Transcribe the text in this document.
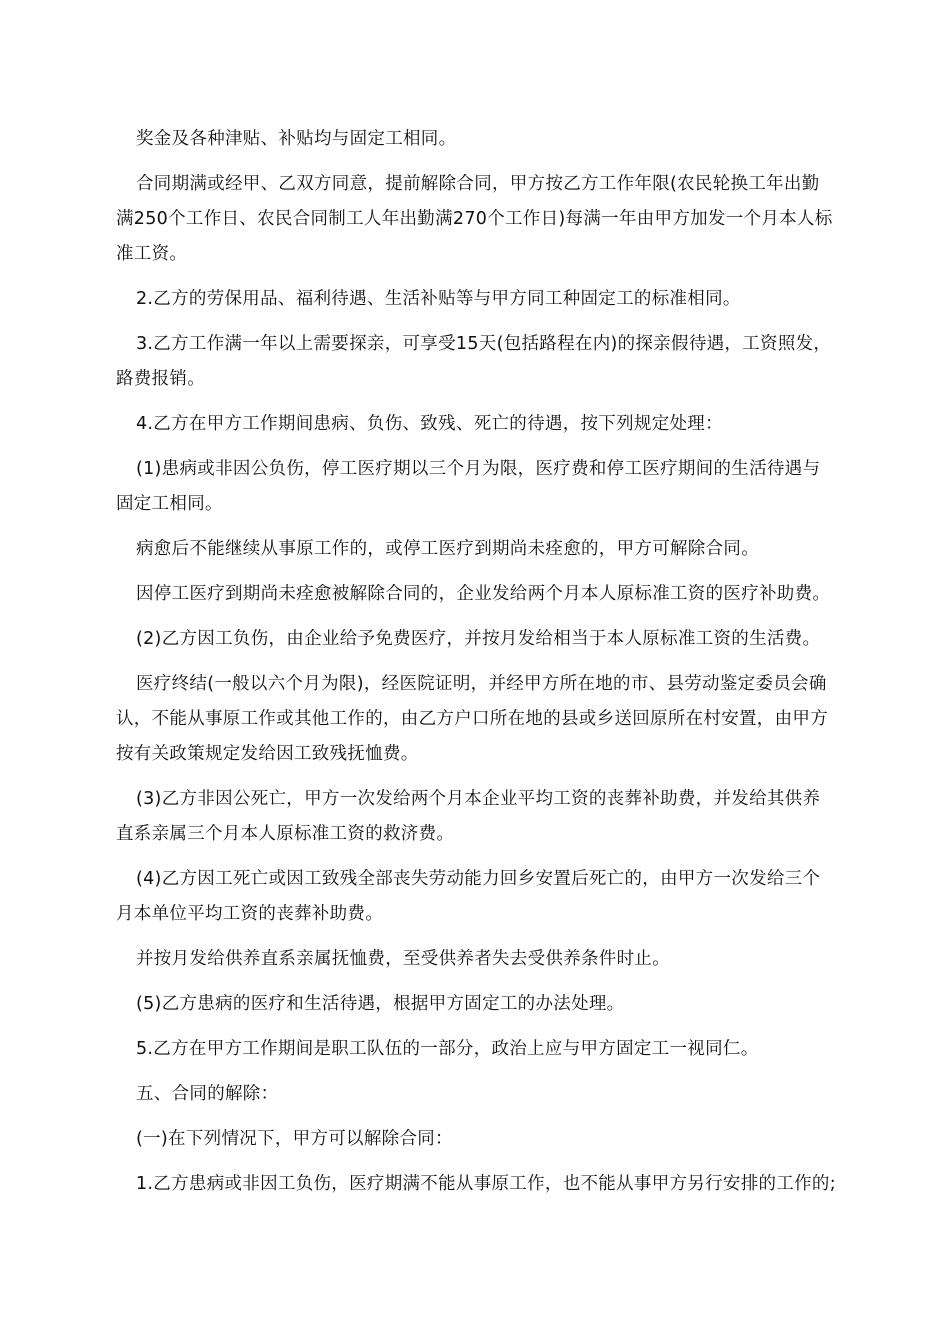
奖金及各种津贴、补贴均与固定工相同。

合同期满或经甲、乙双方同意，提前解除合同，甲方按乙方工作年限(农民轮换工年出勤满250个工作日、农民合同制工人年出勤满270个工作日)每满一年由甲方加发一个月本人标准工资。

2.乙方的劳保用品、福利待遇、生活补贴等与甲方同工种固定工的标准相同。

3.乙方工作满一年以上需要探亲，可享受15天(包括路程在内)的探亲假待遇，工资照发，路费报销。

4.乙方在甲方工作期间患病、负伤、致残、死亡的待遇，按下列规定处理：

(1)患病或非因公负伤，停工医疗期以三个月为限，医疗费和停工医疗期间的生活待遇与固定工相同。

病愈后不能继续从事原工作的，或停工医疗到期尚未痊愈的，甲方可解除合同。

因停工医疗到期尚未痊愈被解除合同的，企业发给两个月本人原标准工资的医疗补助费。

(2)乙方因工负伤，由企业给予免费医疗，并按月发给相当于本人原标准工资的生活费。

医疗终结(一般以六个月为限)，经医院证明，并经甲方所在地的市、县劳动鉴定委员会确认，不能从事原工作或其他工作的，由乙方户口所在地的县或乡送回原所在村安置，由甲方按有关政策规定发给因工致残抚恤费。

(3)乙方非因公死亡，甲方一次发给两个月本企业平均工资的丧葬补助费，并发给其供养直系亲属三个月本人原标准工资的救济费。

(4)乙方因工死亡或因工致残全部丧失劳动能力回乡安置后死亡的，由甲方一次发给三个月本单位平均工资的丧葬补助费。

并按月发给供养直系亲属抚恤费，至受供养者失去受供养条件时止。

(5)乙方患病的医疗和生活待遇，根据甲方固定工的办法处理。

5.乙方在甲方工作期间是职工队伍的一部分，政治上应与甲方固定工一视同仁。

五、合同的解除：

(一)在下列情况下，甲方可以解除合同：

1.乙方患病或非因工负伤，医疗期满不能从事原工作，也不能从事甲方另行安排的工作的;
